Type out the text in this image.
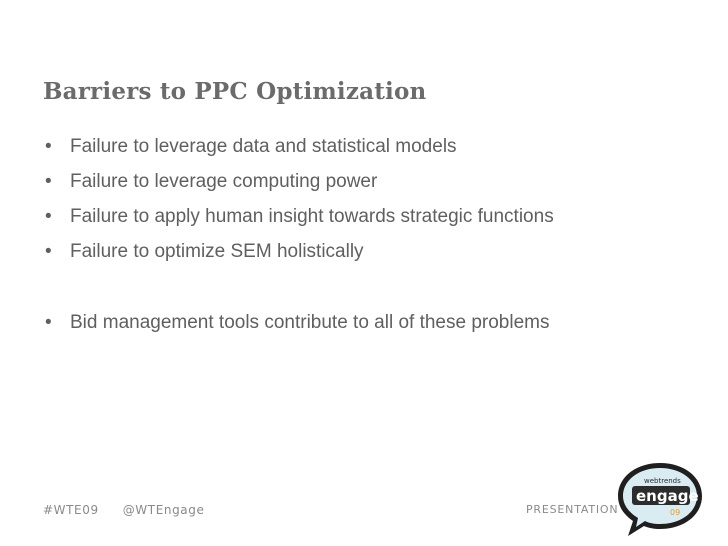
Barriers to PPC Optimization
• Failure to leverage data and statistical models
• Failure to leverage computing power
• Failure to apply human insight towards strategic functions
• Failure to optimize SEM holistically
• Bid management tools contribute to all of these problems
#WTE09 @WTEngage	PRESENTATION
webtrends
engage
09
